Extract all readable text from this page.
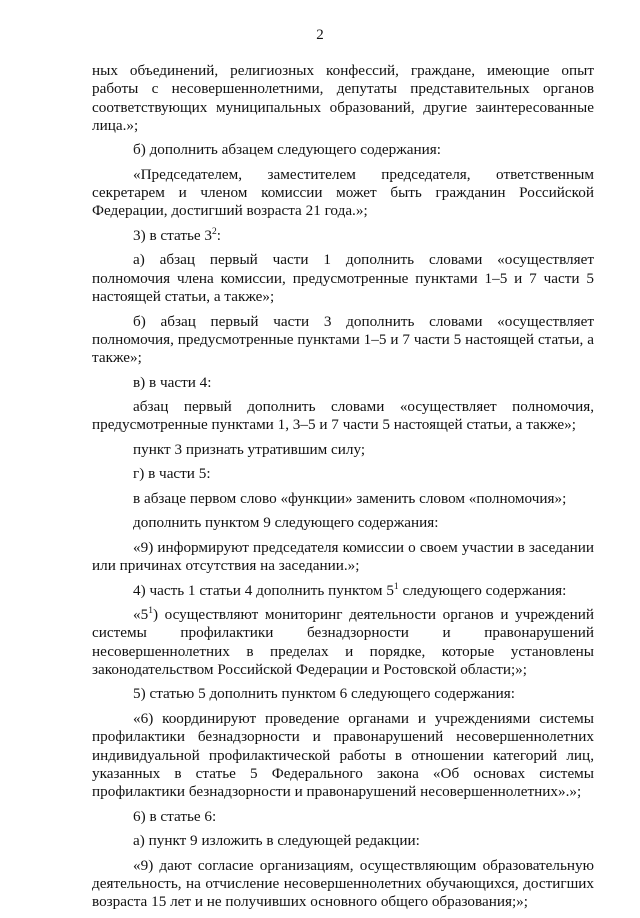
2

ных объединений, религиозных конфессий, граждане, имеющие опыт работы с несовершеннолетними, депутаты представительных органов соответствующих муниципальных образований, другие заинтересованные лица.»;

б) дополнить абзацем следующего содержания:

«Председателем, заместителем председателя, ответственным секретарем и членом комиссии может быть гражданин Российской Федерации, достигший возраста 21 года.»;

3) в статье $3^2$:

а) абзац первый части 1 дополнить словами «осуществляет полномочия члена комиссии, предусмотренные пунктами 1–5 и 7 части 5 настоящей статьи, а также»;

б) абзац первый части 3 дополнить словами «осуществляет полномочия, предусмотренные пунктами 1–5 и 7 части 5 настоящей статьи, а также»;

в) в части 4:

абзац первый дополнить словами «осуществляет полномочия, предусмотренные пунктами 1, 3–5 и 7 части 5 настоящей статьи, а также»;

пункт 3 признать утратившим силу;

г) в части 5:

в абзаце первом слово «функции» заменить словом «полномочия»;

дополнить пунктом 9 следующего содержания:

«9) информируют председателя комиссии о своем участии в заседании или причинах отсутствия на заседании.»;

4) часть 1 статьи 4 дополнить пунктом $5^1$ следующего содержания:

«$5^1$) осуществляют мониторинг деятельности органов и учреждений системы профилактики безнадзорности и правонарушений несовершеннолетних в пределах и порядке, которые установлены законодательством Российской Федерации и Ростовской области;»;

5) статью 5 дополнить пунктом 6 следующего содержания:

«6) координируют проведение органами и учреждениями системы профилактики безнадзорности и правонарушений несовершеннолетних индивидуальной профилактической работы в отношении категорий лиц, указанных в статье 5 Федерального закона «Об основах системы профилактики безнадзорности и правонарушений несовершеннолетних».»;

6) в статье 6:

а) пункт 9 изложить в следующей редакции:

«9) дают согласие организациям, осуществляющим образовательную деятельность, на отчисление несовершеннолетних обучающихся, достигших возраста 15 лет и не получивших основного общего образования;»;
